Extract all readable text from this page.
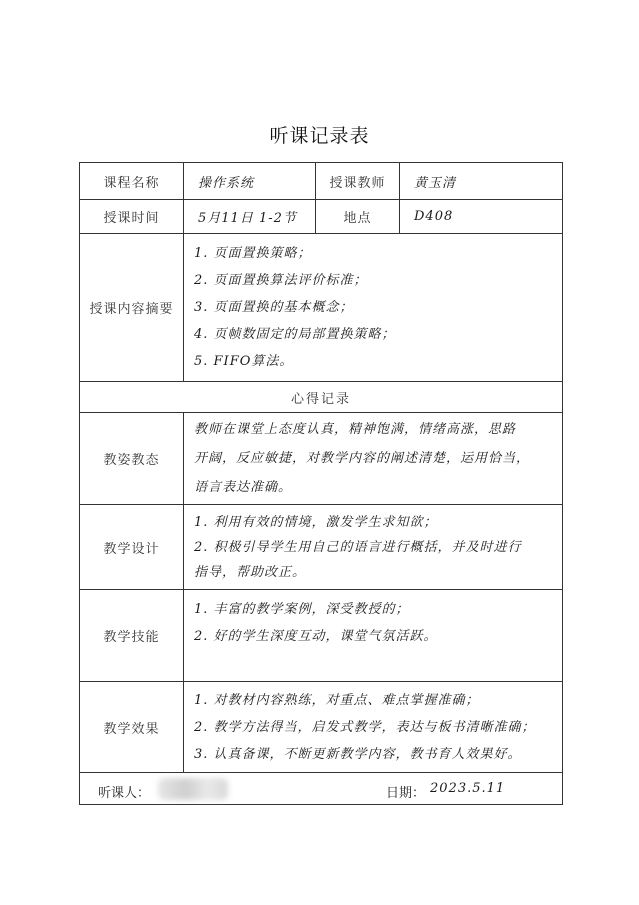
听课记录表
课程名称	操作系统	授课教师	黄玉清
授课时间	5月11日 1-2节	地点	D408
授课内容摘要	1. 页面置换策略；
2. 页面置换算法评价标准；
3. 页面置换的基本概念；
4. 页帧数固定的局部置换策略；
5. FIFO算法。		

心得记录			
教姿教态	教师在课堂上态度认真，精神饱满，情绪高涨，思路
开阔，反应敏捷，对教学内容的阐述清楚，运用恰当，
语言表达准确。		

教学设计	1. 利用有效的情境，激发学生求知欲；
2. 积极引导学生用自己的语言进行概括，并及时进行
指导，帮助改正。		

教学技能	1. 丰富的教学案例，深受教授的；
2. 好的学生深度互动，课堂气氛活跃。		

教学效果	1. 对教材内容熟练，对重点、难点掌握准确；
2. 教学方法得当，启发式教学，表达与板书清晰准确；
3. 认真备课，不断更新教学内容，教书育人效果好。		

听课人： 日期： 2023.5.11			
